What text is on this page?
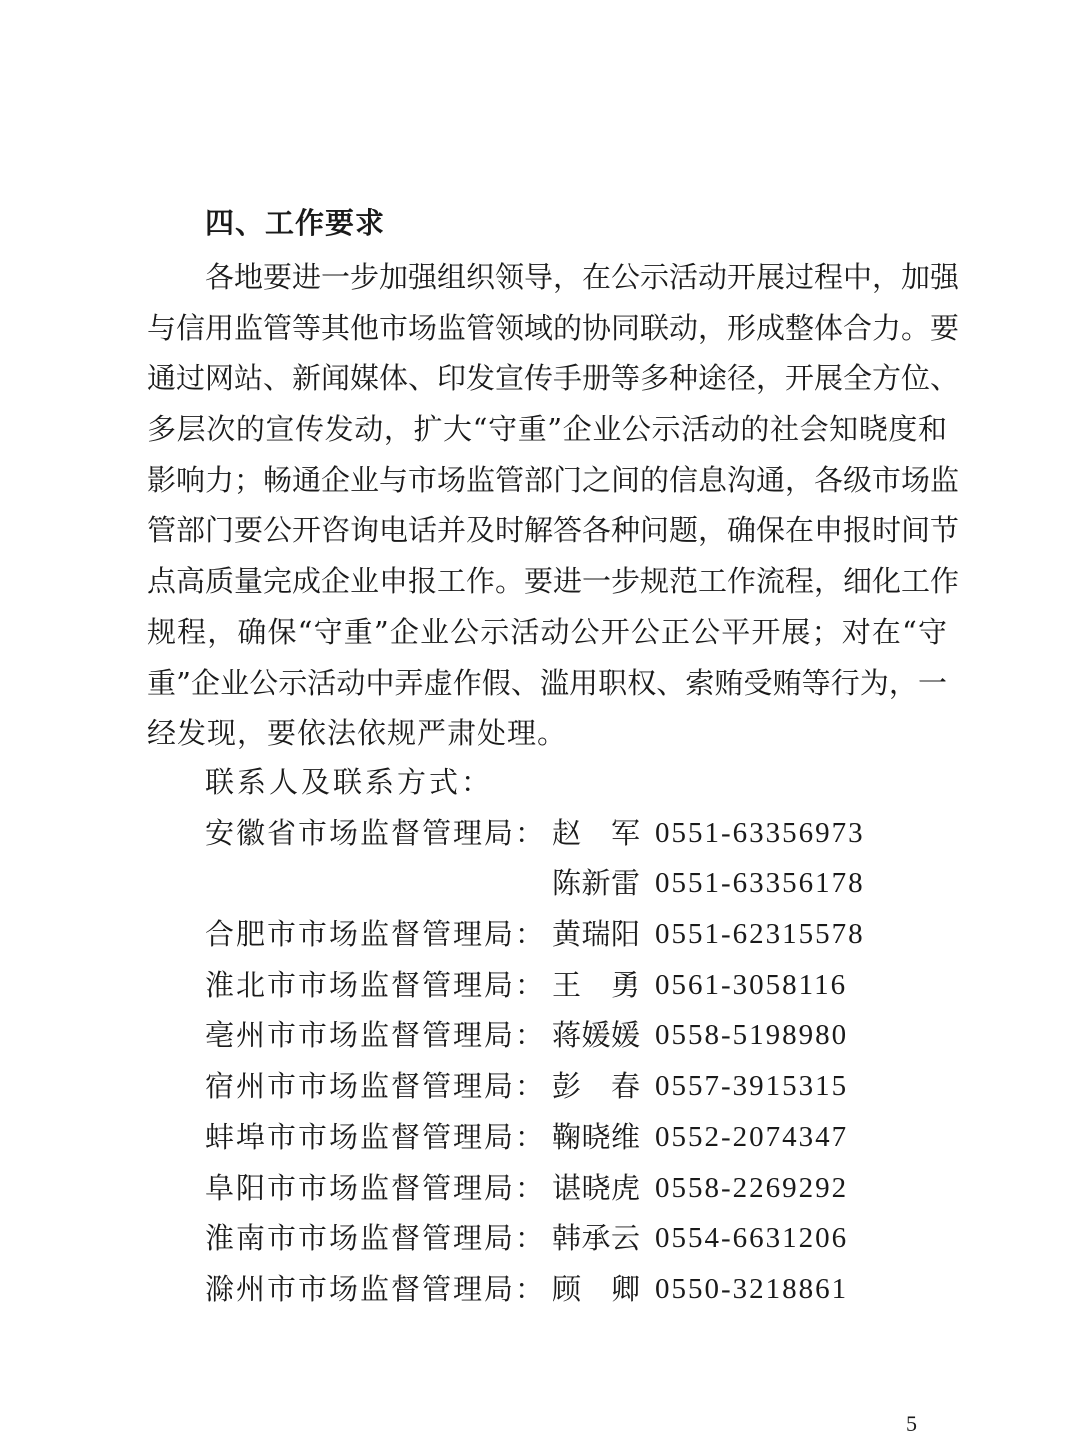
四、工作要求
各地要进一步加强组织领导，在公示活动开展过程中，加强
与信用监管等其他市场监管领域的协同联动，形成整体合力。要
通过网站、新闻媒体、印发宣传手册等多种途径，开展全方位、
多层次的宣传发动，扩大“守重”企业公示活动的社会知晓度和
影响力；畅通企业与市场监管部门之间的信息沟通，各级市场监
管部门要公开咨询电话并及时解答各种问题，确保在申报时间节
点高质量完成企业申报工作。要进一步规范工作流程，细化工作
规程，确保“守重”企业公示活动公开公正公平开展；对在“守
重”企业公示活动中弄虚作假、滥用职权、索贿受贿等行为，一
经发现，要依法依规严肃处理。
联系人及联系方式：
安徽省市场监督管理局： 赵军 0551-63356973
陈新雷 0551-63356178
合肥市市场监督管理局： 黄瑞阳 0551-62315578
淮北市市场监督管理局： 王勇 0561-3058116
亳州市市场监督管理局： 蒋媛媛 0558-5198980
宿州市市场监督管理局： 彭春 0557-3915315
蚌埠市市场监督管理局： 鞠晓维 0552-2074347
阜阳市市场监督管理局： 谌晓虎 0558-2269292
淮南市市场监督管理局： 韩承云 0554-6631206
滁州市市场监督管理局： 顾卿 0550-3218861
5
